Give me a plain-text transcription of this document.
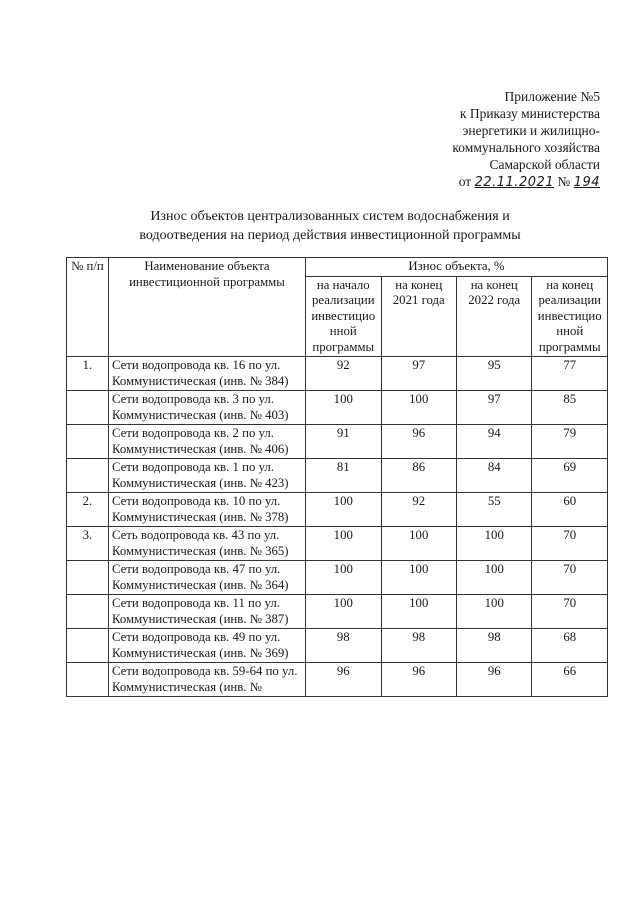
Приложение №5
к Приказу министерства
энергетики и жилищно-
коммунального хозяйства
Самарской области
от 22.11.2021 № 194
Износ объектов централизованных систем водоснабжения и
водоотведения на период действия инвестиционной программы
№ п/п	Наименование объекта инвестиционной программы	Износ объекта, %			
		на начало реализации инвестицио нной программы	на конец 2021 года	на конец 2022 года	на конец реализации инвестицио нной программы
1.	Сети водопровода кв. 16 по ул. Коммунистическая (инв. № 384)	92	97	95	77
	Сети водопровода кв. 3 по ул. Коммунистическая (инв. № 403)	100	100	97	85
	Сети водопровода кв. 2 по ул. Коммунистическая (инв. № 406)	91	96	94	79
	Сети водопровода кв. 1 по ул. Коммунистическая (инв. № 423)	81	86	84	69
2.	Сети водопровода кв. 10 по ул. Коммунистическая (инв. № 378)	100	92	55	60
3.	Сеть водопровода кв. 43 по ул. Коммунистическая (инв. № 365)	100	100	100	70
	Сети водопровода кв. 47 по ул. Коммунистическая (инв. № 364)	100	100	100	70
	Сети водопровода кв. 11 по ул. Коммунистическая (инв. № 387)	100	100	100	70
	Сети водопровода кв. 49 по ул. Коммунистическая (инв. № 369)	98	98	98	68
	Сети водопровода кв. 59-64 по ул. Коммунистическая (инв. №	96	96	96	66
